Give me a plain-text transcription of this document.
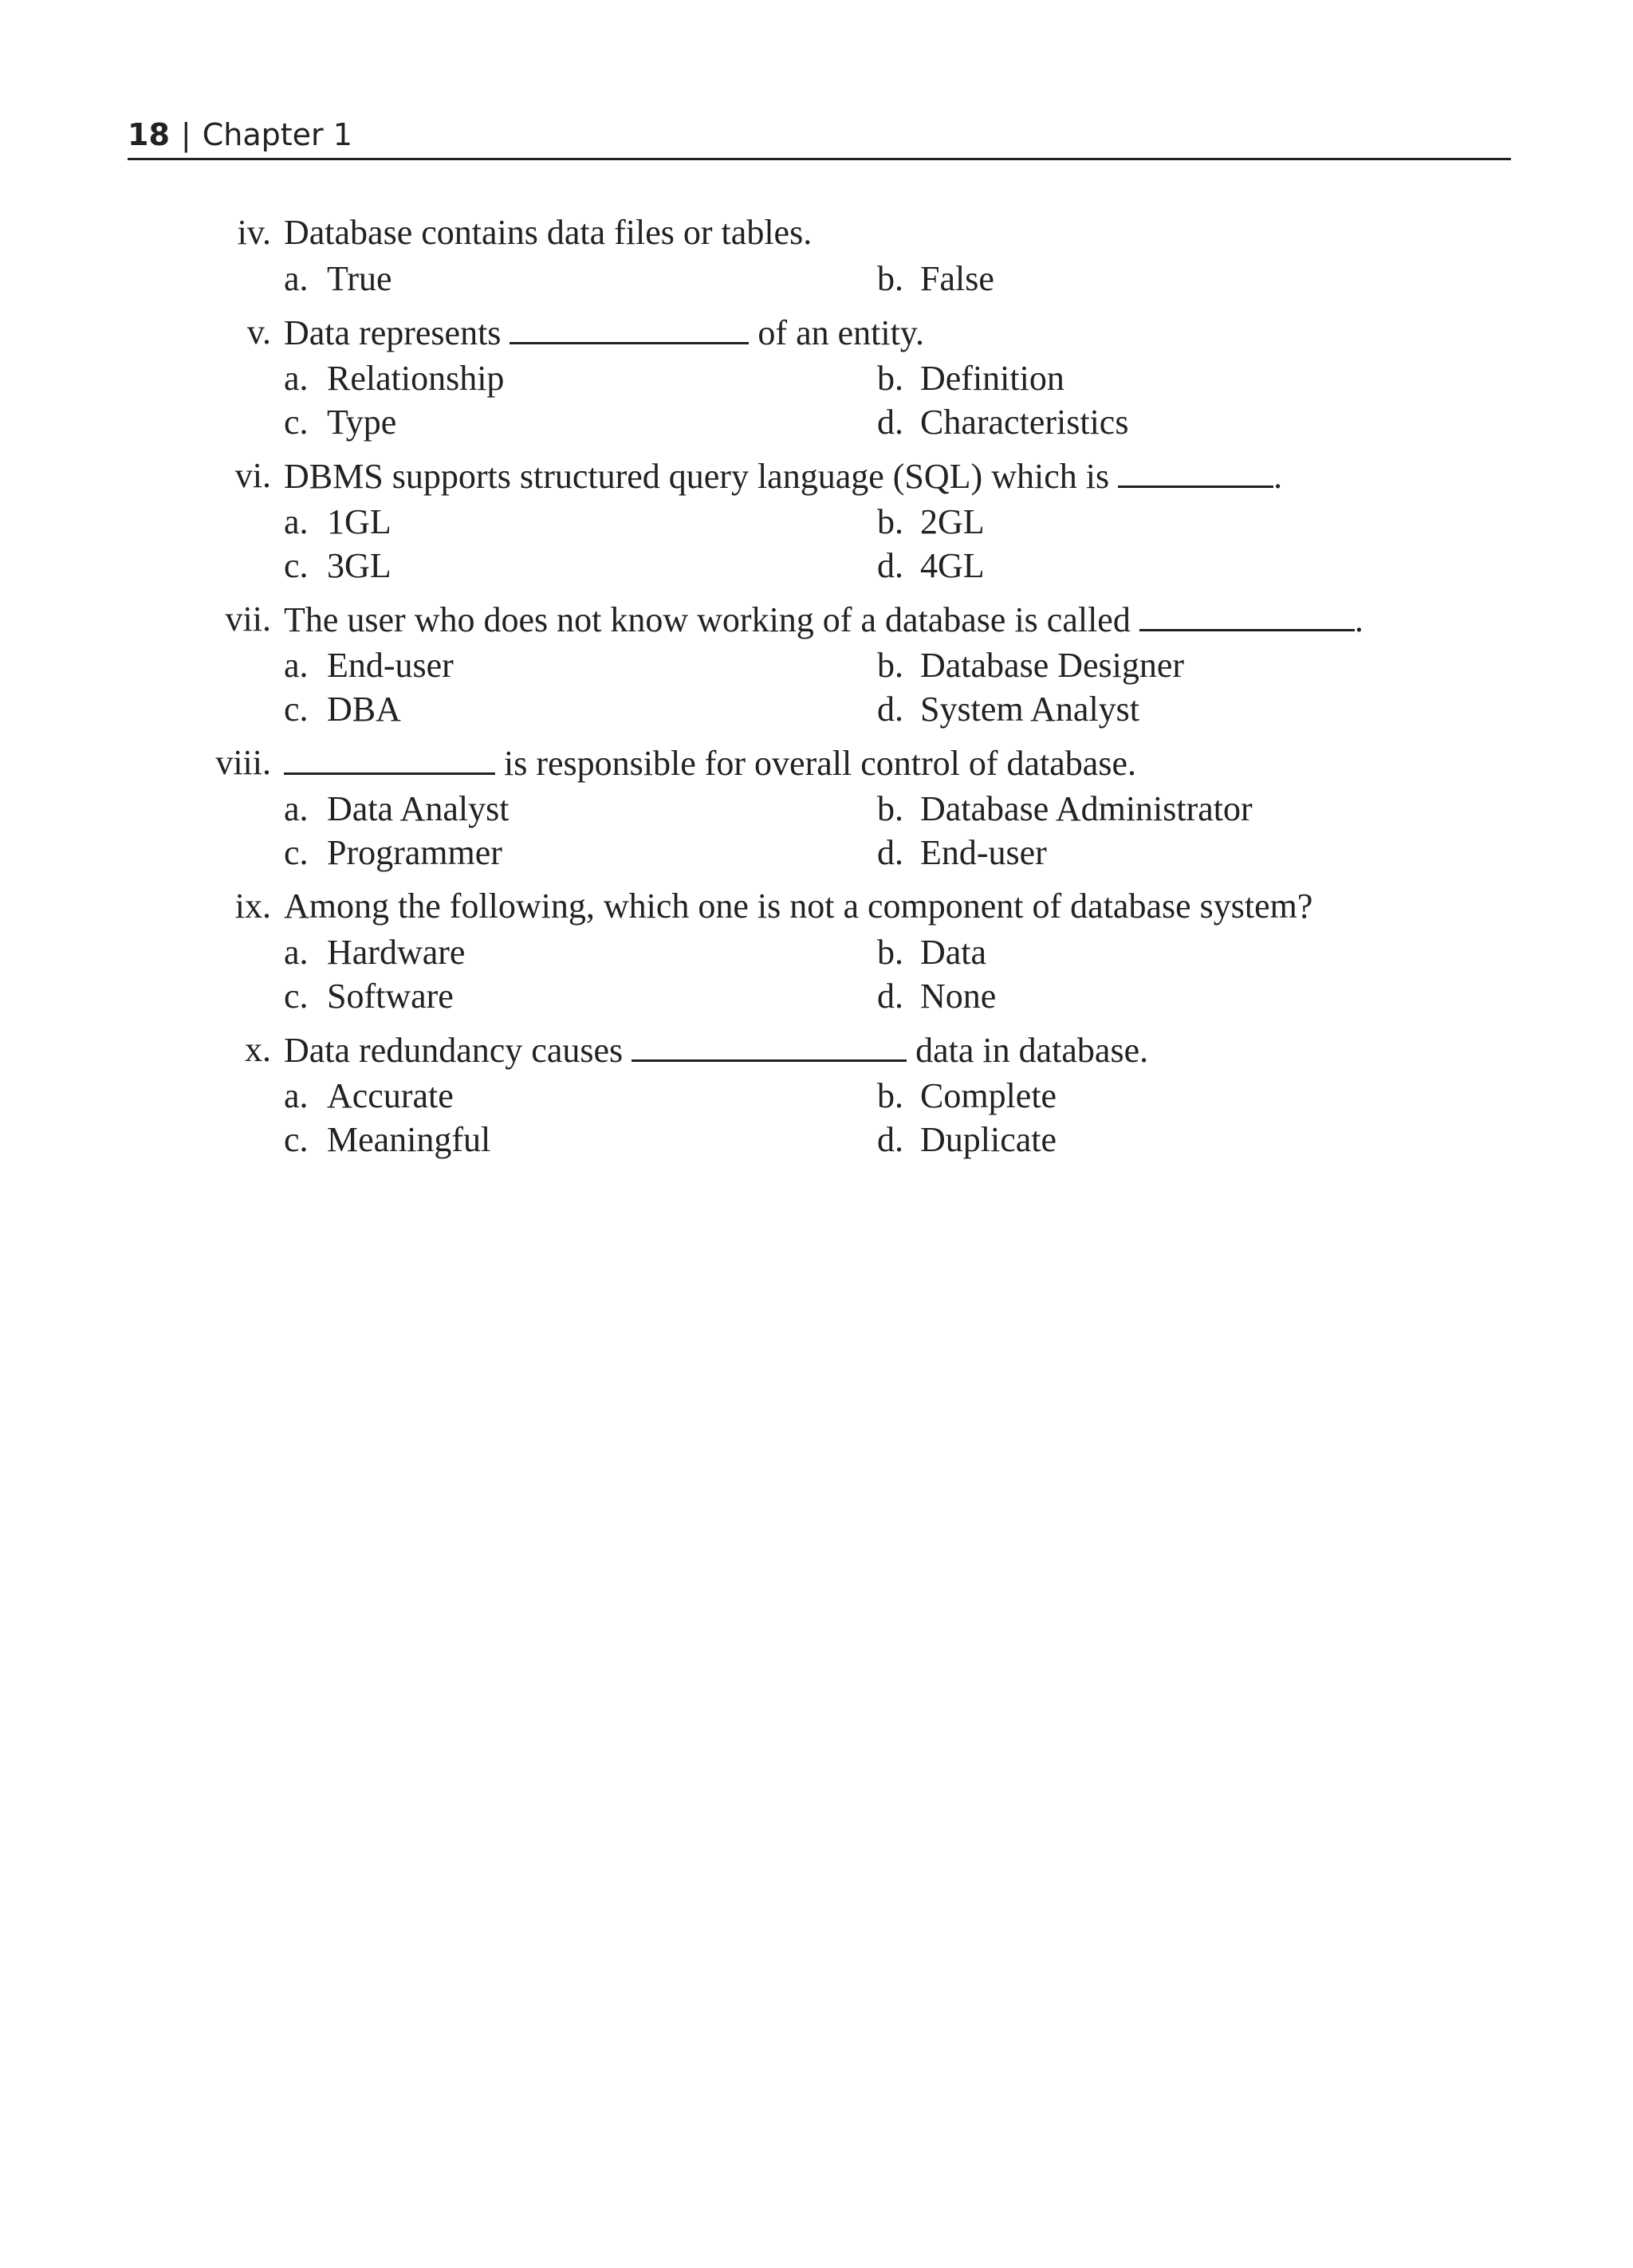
18 | Chapter 1
iv. Database contains data files or tables.
a. True	b. False
v. Data represents	of an entity.
a. Relationship	b. Definition
c. Type	d. Characteristics
vi. DBMS supports structured query language (SQL) which is	.
a. 1GL	b. 2GL
c. 3GL	d. 4GL
vii. The user who does not know working of a database is called	.
a. End-user	b. Database Designer
c. DBA	d. System Analyst
viii.	is responsible for overall control of database.
a. Data Analyst	b. Database Administrator
c. Programmer	d. End-user
ix. Among the following, which one is not a component of database system?
a. Hardware	b. Data
c. Software	d. None
x. Data redundancy causes	data in database.
a. Accurate	b. Complete
c. Meaningful	d. Duplicate
